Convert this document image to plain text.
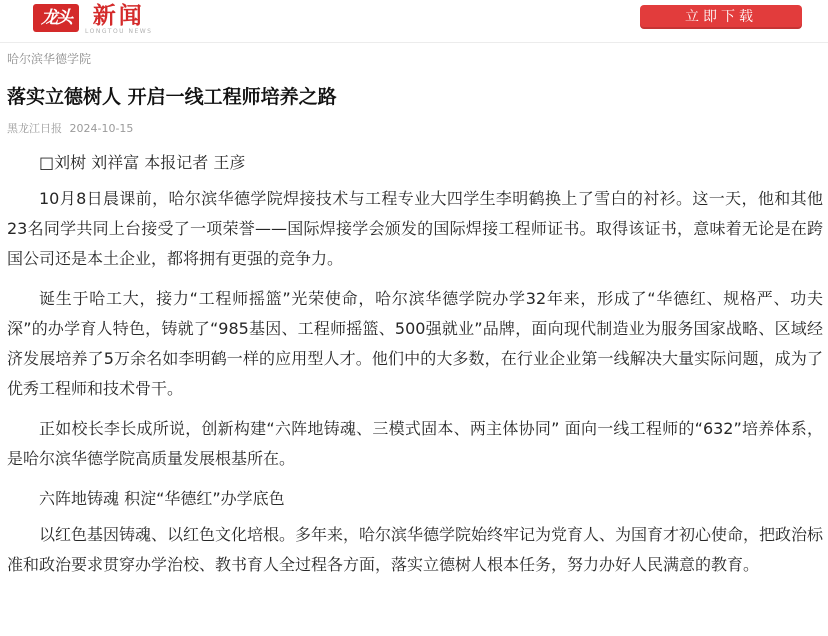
龙头 新闻
LONGTOU NEWS
立即下载
哈尔滨华德学院
落实立德树人 开启一线工程师培养之路
黑龙江日报 2024-10-15

□刘树 刘祥富 本报记者 王彦

10月8日晨课前，哈尔滨华德学院焊接技术与工程专业大四学生李明鹤换上了雪白的衬衫。这一天，他和其他23名同学共同上台接受了一项荣誉——国际焊接学会颁发的国际焊接工程师证书。取得该证书，意味着无论是在跨国公司还是本土企业，都将拥有更强的竞争力。

诞生于哈工大，接力“工程师摇篮”光荣使命，哈尔滨华德学院办学32年来，形成了“华德红、规格严、功夫深”的办学育人特色，铸就了“985基因、工程师摇篮、500强就业”品牌，面向现代制造业为服务国家战略、区域经济发展培养了5万余名如李明鹤一样的应用型人才。他们中的大多数，在行业企业第一线解决大量实际问题，成为了优秀工程师和技术骨干。

正如校长李长成所说，创新构建“六阵地铸魂、三模式固本、两主体协同” 面向一线工程师的“632”培养体系，是哈尔滨华德学院高质量发展根基所在。

六阵地铸魂 积淀“华德红”办学底色

以红色基因铸魂、以红色文化培根。多年来，哈尔滨华德学院始终牢记为党育人、为国育才初心使命，把政治标准和政治要求贯穿办学治校、教书育人全过程各方面，落实立德树人根本任务，努力办好人民满意的教育。
